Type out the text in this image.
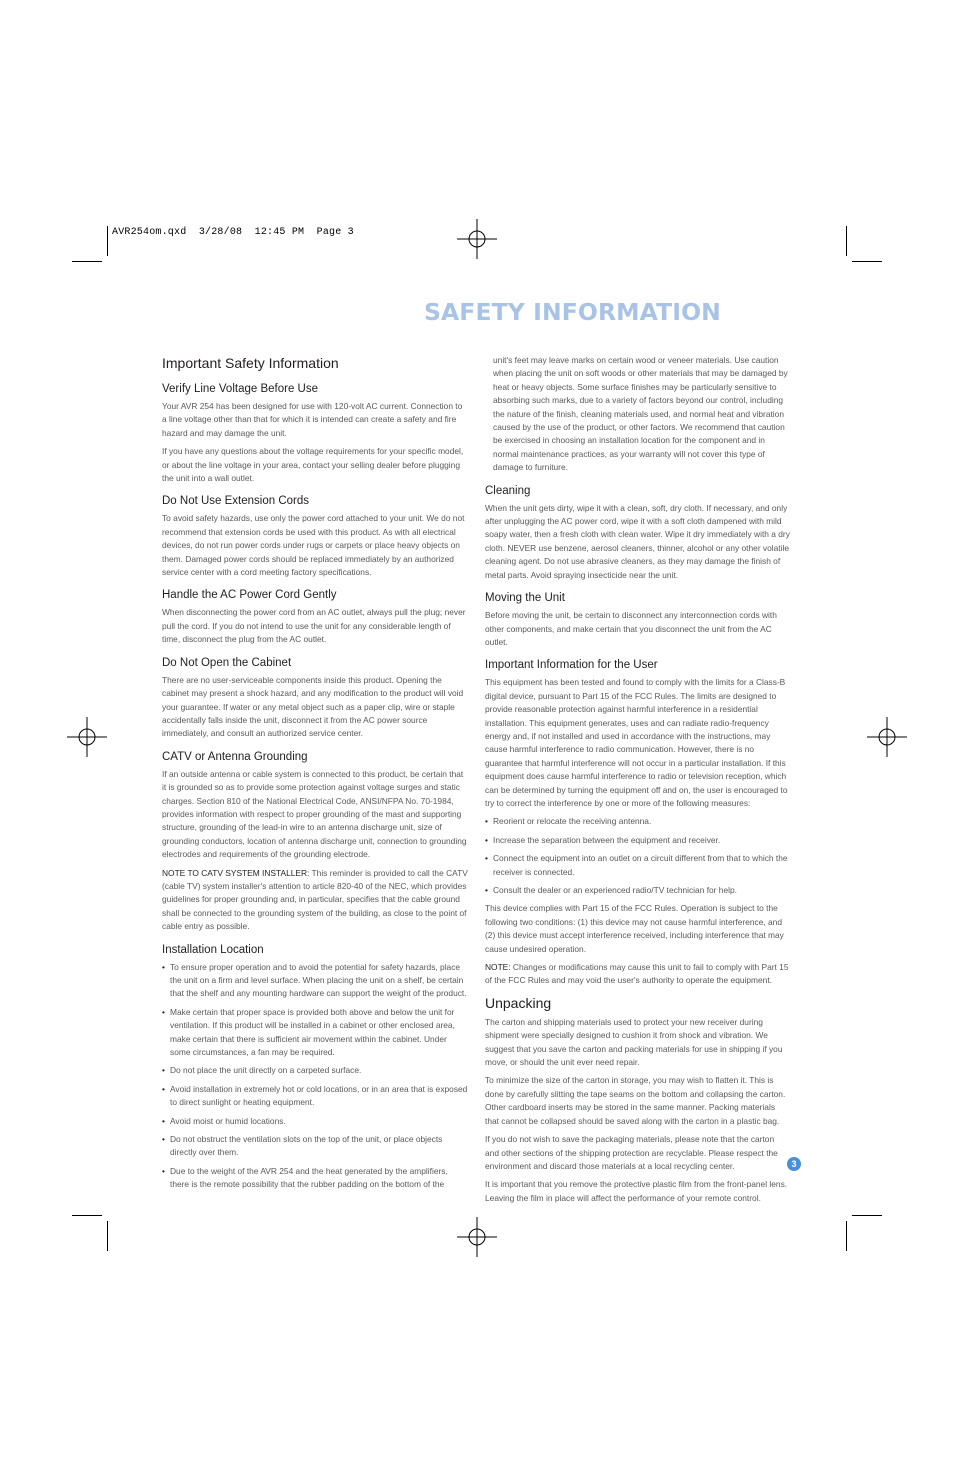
AVR254om.qxd  3/28/08  12:45 PM  Page 3
SAFETY INFORMATION
Important Safety Information
Verify Line Voltage Before Use

Your AVR 254 has been designed for use with 120-volt AC current. Connection to a line voltage other than that for which it is intended can create a safety and fire hazard and may damage the unit.

If you have any questions about the voltage requirements for your specific model, or about the line voltage in your area, contact your selling dealer before plugging the unit into a wall outlet.

Do Not Use Extension Cords

To avoid safety hazards, use only the power cord attached to your unit. We do not recommend that extension cords be used with this product. As with all electrical devices, do not run power cords under rugs or carpets or place heavy objects on them. Damaged power cords should be replaced immediately by an authorized service center with a cord meeting factory specifications.

Handle the AC Power Cord Gently

When disconnecting the power cord from an AC outlet, always pull the plug; never pull the cord. If you do not intend to use the unit for any considerable length of time, disconnect the plug from the AC outlet.

Do Not Open the Cabinet

There are no user-serviceable components inside this product. Opening the cabinet may present a shock hazard, and any modification to the product will void your guarantee. If water or any metal object such as a paper clip, wire or staple accidentally falls inside the unit, disconnect it from the AC power source immediately, and consult an authorized service center.

CATV or Antenna Grounding

If an outside antenna or cable system is connected to this product, be certain that it is grounded so as to provide some protection against voltage surges and static charges. Section 810 of the National Electrical Code, ANSI/NFPA No. 70-1984, provides information with respect to proper grounding of the mast and supporting structure, grounding of the lead-in wire to an antenna discharge unit, size of grounding conductors, location of antenna discharge unit, connection to grounding electrodes and requirements of the grounding electrode.

NOTE TO CATV SYSTEM INSTALLER: This reminder is provided to call the CATV (cable TV) system installer's attention to article 820-40 of the NEC, which provides guidelines for proper grounding and, in particular, specifies that the cable ground shall be connected to the grounding system of the building, as close to the point of cable entry as possible.

Installation Location
• To ensure proper operation and to avoid the potential for safety hazards, place the unit on a firm and level surface. When placing the unit on a shelf, be certain that the shelf and any mounting hardware can support the weight of the product.
• Make certain that proper space is provided both above and below the unit for ventilation. If this product will be installed in a cabinet or other enclosed area, make certain that there is sufficient air movement within the cabinet. Under some circumstances, a fan may be required.
• Do not place the unit directly on a carpeted surface.
• Avoid installation in extremely hot or cold locations, or in an area that is exposed to direct sunlight or heating equipment.
• Avoid moist or humid locations.
• Do not obstruct the ventilation slots on the top of the unit, or place objects directly over them.
• Due to the weight of the AVR 254 and the heat generated by the amplifiers, there is the remote possibility that the rubber padding on the bottom of the

unit's feet may leave marks on certain wood or veneer materials. Use caution when placing the unit on soft woods or other materials that may be damaged by heat or heavy objects. Some surface finishes may be particularly sensitive to absorbing such marks, due to a variety of factors beyond our control, including the nature of the finish, cleaning materials used, and normal heat and vibration caused by the use of the product, or other factors. We recommend that caution be exercised in choosing an installation location for the component and in normal maintenance practices, as your warranty will not cover this type of damage to furniture.

Cleaning

When the unit gets dirty, wipe it with a clean, soft, dry cloth. If necessary, and only after unplugging the AC power cord, wipe it with a soft cloth dampened with mild soapy water, then a fresh cloth with clean water. Wipe it dry immediately with a dry cloth. NEVER use benzene, aerosol cleaners, thinner, alcohol or any other volatile cleaning agent. Do not use abrasive cleaners, as they may damage the finish of metal parts. Avoid spraying insecticide near the unit.

Moving the Unit

Before moving the unit, be certain to disconnect any interconnection cords with other components, and make certain that you disconnect the unit from the AC outlet.

Important Information for the User

This equipment has been tested and found to comply with the limits for a Class-B digital device, pursuant to Part 15 of the FCC Rules. The limits are designed to provide reasonable protection against harmful interference in a residential installation. This equipment generates, uses and can radiate radio-frequency energy and, if not installed and used in accordance with the instructions, may cause harmful interference to radio communication. However, there is no guarantee that harmful interference will not occur in a particular installation. If this equipment does cause harmful interference to radio or television reception, which can be determined by turning the equipment off and on, the user is encouraged to try to correct the interference by one or more of the following measures:

• Reorient or relocate the receiving antenna.
• Increase the separation between the equipment and receiver.
• Connect the equipment into an outlet on a circuit different from that to which the receiver is connected.
• Consult the dealer or an experienced radio/TV technician for help.

This device complies with Part 15 of the FCC Rules. Operation is subject to the following two conditions: (1) this device may not cause harmful interference, and (2) this device must accept interference received, including interference that may cause undesired operation.

NOTE: Changes or modifications may cause this unit to fail to comply with Part 15 of the FCC Rules and may void the user's authority to operate the equipment.

Unpacking

The carton and shipping materials used to protect your new receiver during shipment were specially designed to cushion it from shock and vibration. We suggest that you save the carton and packing materials for use in shipping if you move, or should the unit ever need repair.

To minimize the size of the carton in storage, you may wish to flatten it. This is done by carefully slitting the tape seams on the bottom and collapsing the carton. Other cardboard inserts may be stored in the same manner. Packing materials that cannot be collapsed should be saved along with the carton in a plastic bag.

If you do not wish to save the packaging materials, please note that the carton and other sections of the shipping protection are recyclable. Please respect the environment and discard those materials at a local recycling center.

It is important that you remove the protective plastic film from the front-panel lens. Leaving the film in place will affect the performance of your remote control.

3
